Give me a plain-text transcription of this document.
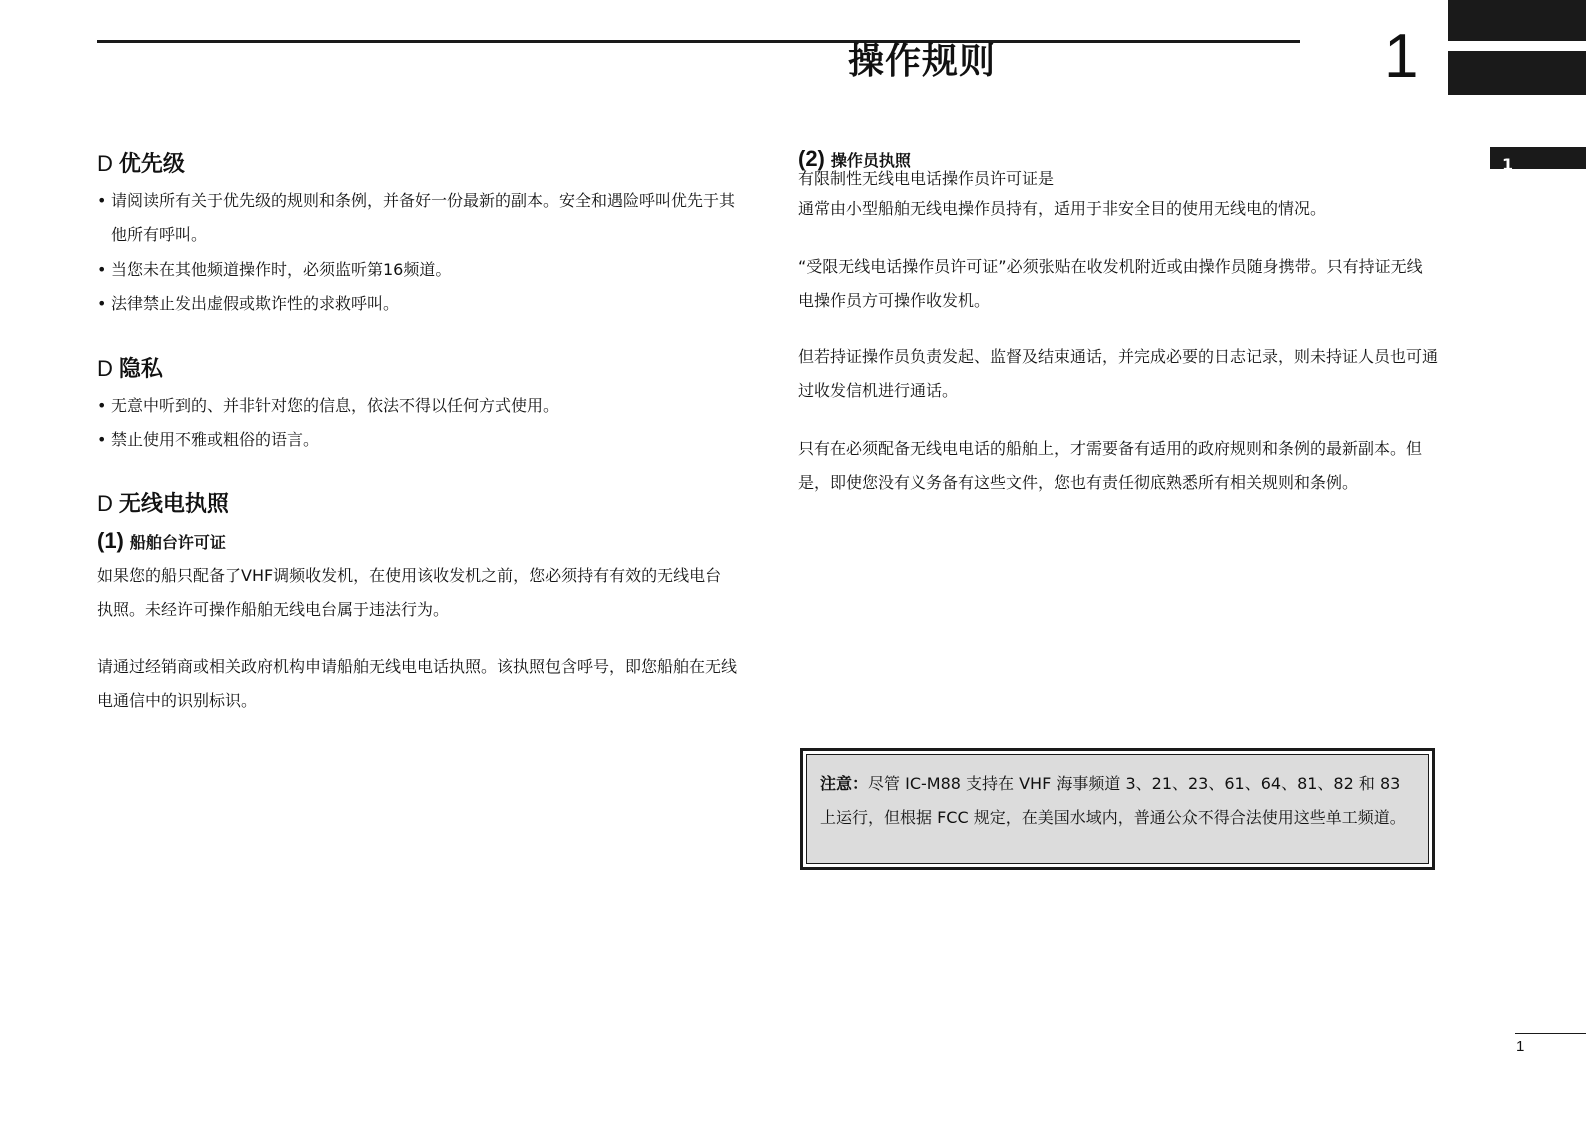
操作规则	1
1
D 优先级
• 请阅读所有关于优先级的规则和条例，并备好一份最新的副本。安全和遇险呼叫优先于其他所有呼叫。
• 当您未在其他频道操作时，必须监听第16频道。
• 法律禁止发出虚假或欺诈性的求救呼叫。
D 隐私
• 无意中听到的、并非针对您的信息，依法不得以任何方式使用。
• 禁止使用不雅或粗俗的语言。
D 无线电执照
(1) 船舶台许可证
如果您的船只配备了VHF调频收发机，在使用该收发机之前，您必须持有有效的无线电台执照。未经许可操作船舶无线电台属于违法行为。
请通过经销商或相关政府机构申请船舶无线电电话执照。该执照包含呼号，即您船舶在无线电通信中的识别标识。
(2) 操作员执照
有限制性无线电电话操作员许可证是
通常由小型船舶无线电操作员持有，适用于非安全目的使用无线电的情况。
“受限无线电话操作员许可证”必须张贴在收发机附近或由操作员随身携带。只有持证无线电操作员方可操作收发机。
但若持证操作员负责发起、监督及结束通话，并完成必要的日志记录，则未持证人员也可通过收发信机进行通话。
只有在必须配备无线电电话的船舶上，才需要备有适用的政府规则和条例的最新副本。但是，即使您没有义务备有这些文件，您也有责任彻底熟悉所有相关规则和条例。
注意：尽管 IC-M88 支持在 VHF 海事频道 3、21、23、61、64、81、82 和 83 上运行，但根据 FCC 规定，在美国水域内，普通公众不得合法使用这些单工频道。
1
